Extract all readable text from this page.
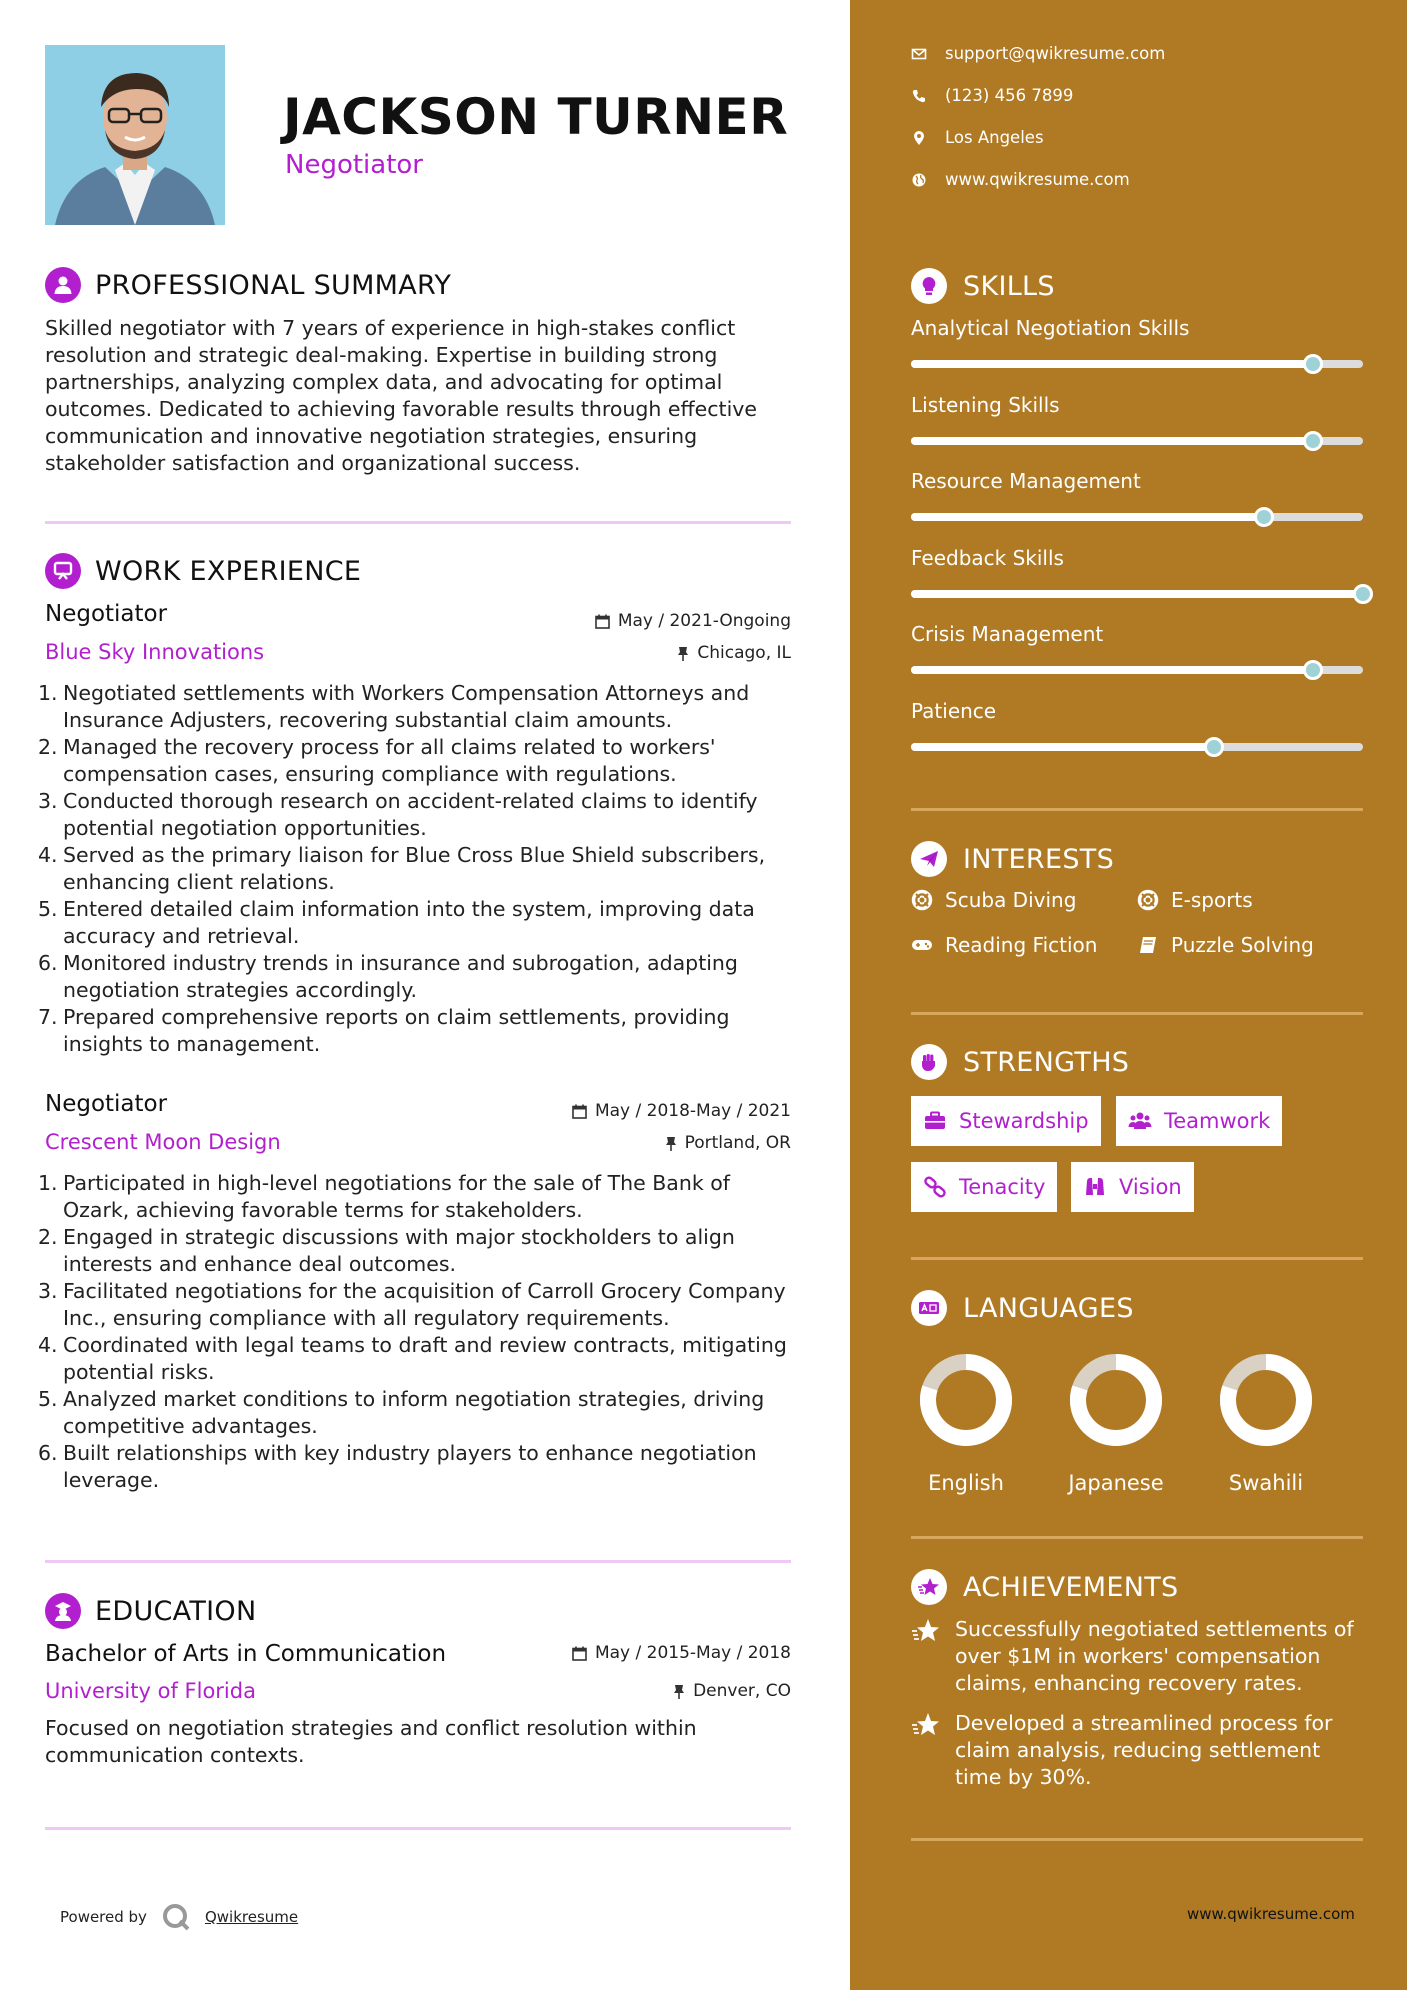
JACKSON TURNER
Negotiator
PROFESSIONAL SUMMARY
Skilled negotiator with 7 years of experience in high-stakes conflict resolution and strategic deal-making. Expertise in building strong partnerships, analyzing complex data, and advocating for optimal outcomes. Dedicated to achieving favorable results through effective communication and innovative negotiation strategies, ensuring stakeholder satisfaction and organizational success.
WORK EXPERIENCE
Negotiator
Blue Sky Innovations
May / 2021-Ongoing
Chicago, IL
1. Negotiated settlements with Workers Compensation Attorneys and Insurance Adjusters, recovering substantial claim amounts.
2. Managed the recovery process for all claims related to workers' compensation cases, ensuring compliance with regulations.
3. Conducted thorough research on accident-related claims to identify potential negotiation opportunities.
4. Served as the primary liaison for Blue Cross Blue Shield subscribers, enhancing client relations.
5. Entered detailed claim information into the system, improving data accuracy and retrieval.
6. Monitored industry trends in insurance and subrogation, adapting negotiation strategies accordingly.
7. Prepared comprehensive reports on claim settlements, providing insights to management.
Negotiator
Crescent Moon Design
May / 2018-May / 2021
Portland, OR
1. Participated in high-level negotiations for the sale of The Bank of Ozark, achieving favorable terms for stakeholders.
2. Engaged in strategic discussions with major stockholders to align interests and enhance deal outcomes.
3. Facilitated negotiations for the acquisition of Carroll Grocery Company Inc., ensuring compliance with all regulatory requirements.
4. Coordinated with legal teams to draft and review contracts, mitigating potential risks.
5. Analyzed market conditions to inform negotiation strategies, driving competitive advantages.
6. Built relationships with key industry players to enhance negotiation leverage.
EDUCATION
Bachelor of Arts in Communication
University of Florida
May / 2015-May / 2018
Denver, CO
Focused on negotiation strategies and conflict resolution within communication contexts.
Powered by	Qwikresume
support@qwikresume.com
(123) 456 7899
Los Angeles
www.qwikresume.com
SKILLS
Analytical Negotiation Skills
Listening Skills
Resource Management
Feedback Skills
Crisis Management
Patience
INTERESTS
Scuba Diving	E-sports
Reading Fiction	Puzzle Solving
STRENGTHS
Stewardship	Teamwork
Tenacity	Vision
LANGUAGES
English	Japanese	Swahili
ACHIEVEMENTS
Successfully negotiated settlements of over $1M in workers' compensation claims, enhancing recovery rates.
Developed a streamlined process for claim analysis, reducing settlement time by 30%.
www.qwikresume.com
